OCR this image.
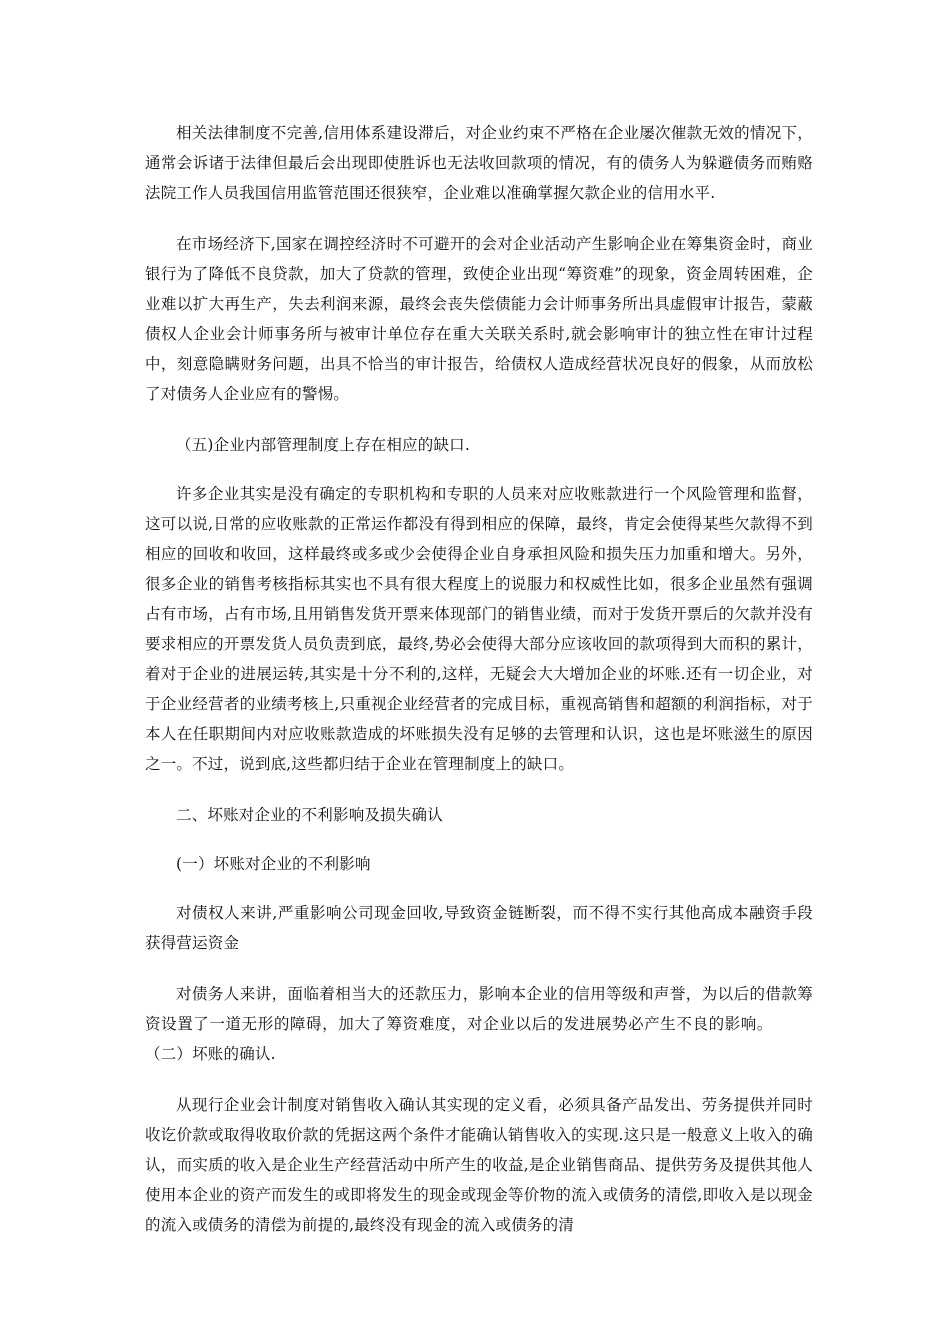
相关法律制度不完善,信用体系建设滞后，对企业约束不严格在企业屡次催款无效的情况下，通常会诉诸于法律但最后会出现即使胜诉也无法收回款项的情况，有的债务人为躲避债务而贿赂法院工作人员我国信用监管范围还很狭窄，企业难以准确掌握欠款企业的信用水平.

在市场经济下,国家在调控经济时不可避开的会对企业活动产生影响企业在筹集资金时，商业银行为了降低不良贷款，加大了贷款的管理，致使企业出现“筹资难”的现象，资金周转困难，企业难以扩大再生产，失去利润来源，最终会丧失偿债能力会计师事务所出具虚假审计报告，蒙蔽债权人企业会计师事务所与被审计单位存在重大关联关系时,就会影响审计的独立性在审计过程中，刻意隐瞒财务问题，出具不恰当的审计报告，给债权人造成经营状况良好的假象，从而放松了对债务人企业应有的警惕。

（五)企业内部管理制度上存在相应的缺口.

许多企业其实是没有确定的专职机构和专职的人员来对应收账款进行一个风险管理和监督，这可以说,日常的应收账款的正常运作都没有得到相应的保障，最终，肯定会使得某些欠款得不到相应的回收和收回，这样最终或多或少会使得企业自身承担风险和损失压力加重和增大。另外，很多企业的销售考核指标其实也不具有很大程度上的说服力和权威性比如，很多企业虽然有强调占有市场，占有市场,且用销售发货开票来体现部门的销售业绩，而对于发货开票后的欠款并没有要求相应的开票发货人员负责到底，最终,势必会使得大部分应该收回的款项得到大而积的累计，着对于企业的进展运转,其实是十分不利的,这样，无疑会大大增加企业的坏账.还有一切企业，对于企业经营者的业绩考核上,只重视企业经营者的完成目标，重视高销售和超额的利润指标，对于本人在任职期间内对应收账款造成的坏账损失没有足够的去管理和认识，这也是坏账滋生的原因之一。不过，说到底,这些都归结于企业在管理制度上的缺口。

二、坏账对企业的不利影响及损失确认

(一）坏账对企业的不利影响

对债权人来讲,严重影响公司现金回收,导致资金链断裂，而不得不实行其他高成本融资手段获得营运资金

对债务人来讲，面临着相当大的还款压力，影响本企业的信用等级和声誉，为以后的借款筹资设置了一道无形的障碍，加大了筹资难度，对企业以后的发进展势必产生不良的影响。（二）坏账的确认.

从现行企业会计制度对销售收入确认其实现的定义看，必须具备产品发出、劳务提供并同时收讫价款或取得收取价款的凭据这两个条件才能确认销售收入的实现.这只是一般意义上收入的确认，而实质的收入是企业生产经营活动中所产生的收益,是企业销售商品、提供劳务及提供其他人使用本企业的资产而发生的或即将发生的现金或现金等价物的流入或债务的清偿,即收入是以现金的流入或债务的清偿为前提的,最终没有现金的流入或债务的清
